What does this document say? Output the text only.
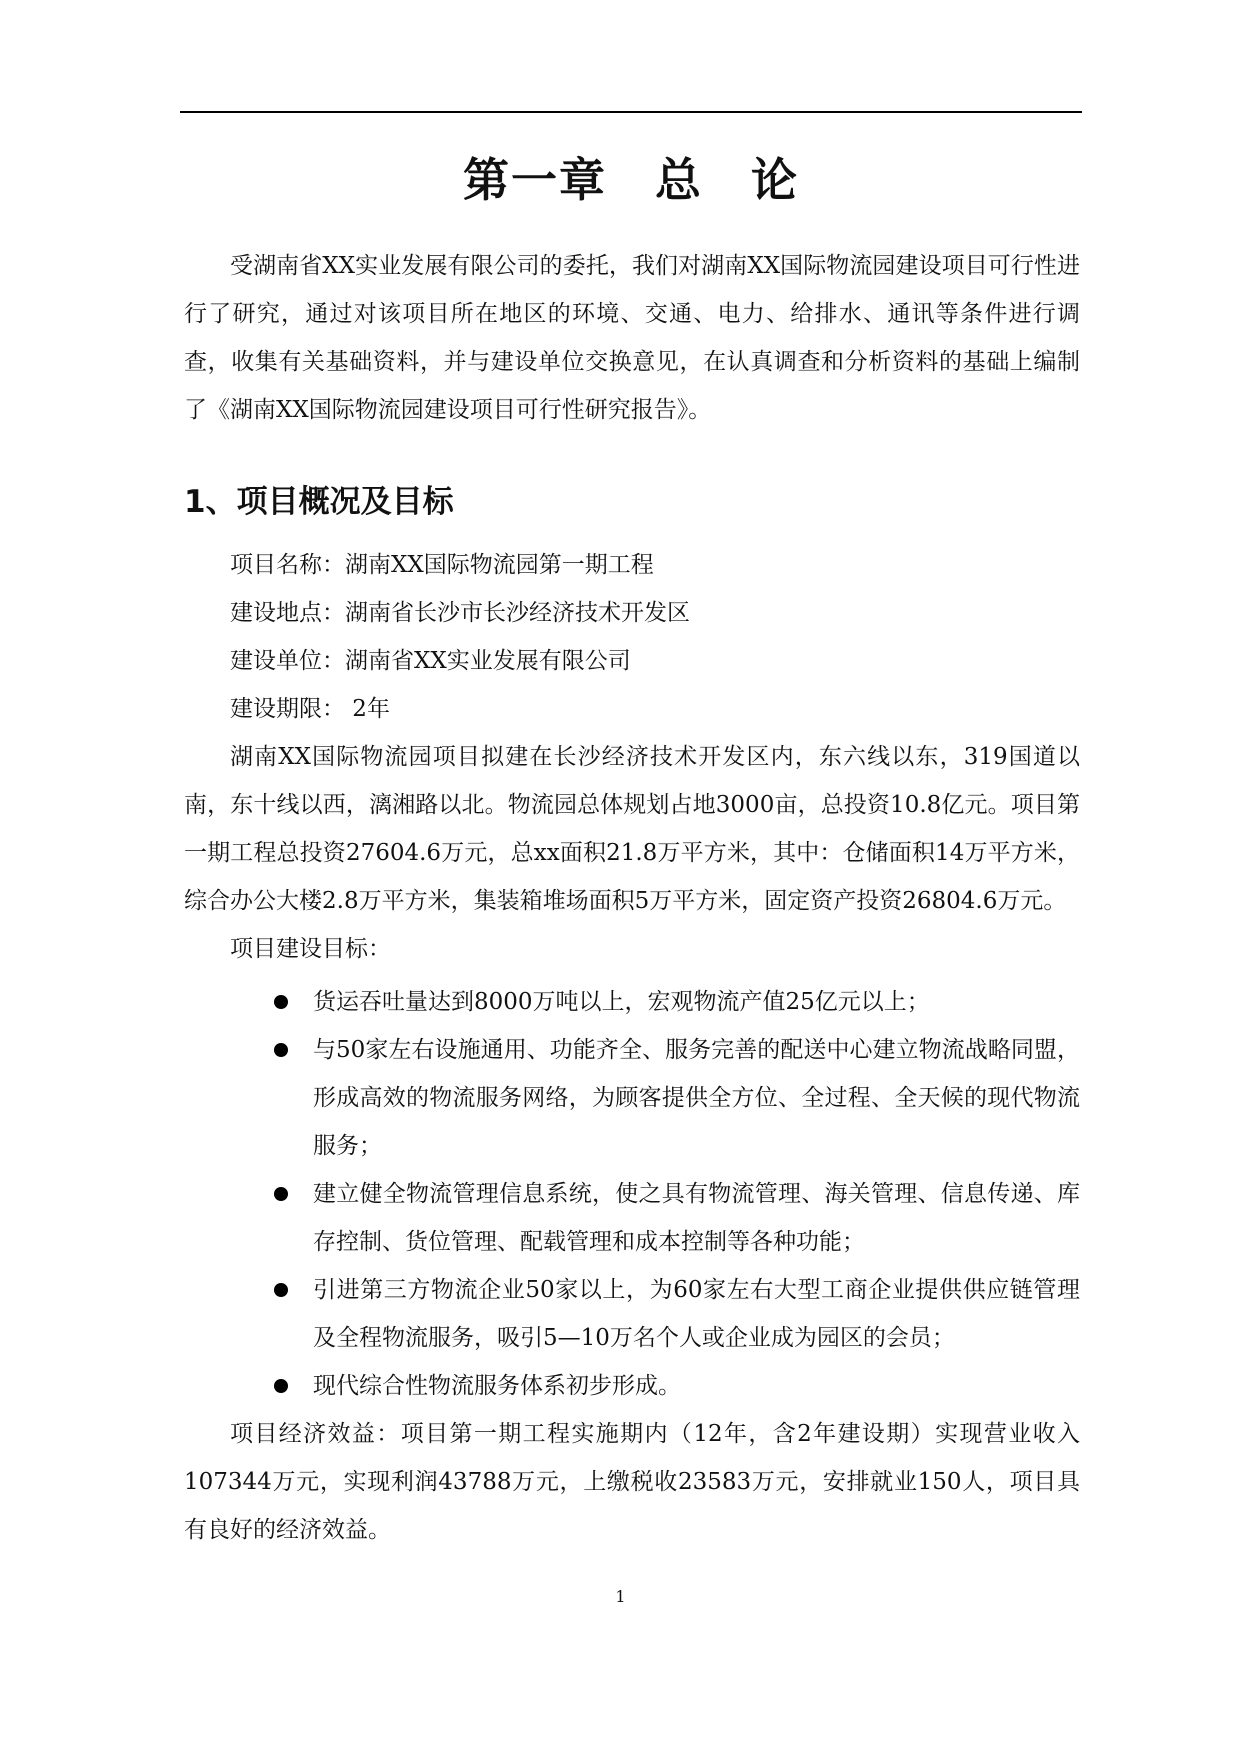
第一章　总　论

受湖南省XX实业发展有限公司的委托，我们对湖南XX国际物流园建设项目可行性进行了研究，通过对该项目所在地区的环境、交通、电力、给排水、通讯等条件进行调查，收集有关基础资料，并与建设单位交换意见，在认真调查和分析资料的基础上编制了《湖南XX国际物流园建设项目可行性研究报告》。

1、项目概况及目标

项目名称：湖南XX国际物流园第一期工程

建设地点：湖南省长沙市长沙经济技术开发区

建设单位：湖南省XX实业发展有限公司

建设期限： 2年

湖南XX国际物流园项目拟建在长沙经济技术开发区内，东六线以东，319国道以南，东十线以西，漓湘路以北。物流园总体规划占地3000亩，总投资10.8亿元。项目第一期工程总投资27604.6万元，总xx面积21.8万平方米，其中：仓储面积14万平方米，综合办公大楼2.8万平方米，集装箱堆场面积5万平方米，固定资产投资26804.6万元。

项目建设目标：

货运吞吐量达到8000万吨以上，宏观物流产值25亿元以上；
与50家左右设施通用、功能齐全、服务完善的配送中心建立物流战略同盟，形成高效的物流服务网络，为顾客提供全方位、全过程、全天候的现代物流服务；
建立健全物流管理信息系统，使之具有物流管理、海关管理、信息传递、库存控制、货位管理、配载管理和成本控制等各种功能；
引进第三方物流企业50家以上，为60家左右大型工商企业提供供应链管理及全程物流服务，吸引5—10万名个人或企业成为园区的会员；
现代综合性物流服务体系初步形成。

项目经济效益：项目第一期工程实施期内（12年，含2年建设期）实现营业收入107344万元，实现利润43788万元，上缴税收23583万元，安排就业150人，项目具有良好的经济效益。

1
